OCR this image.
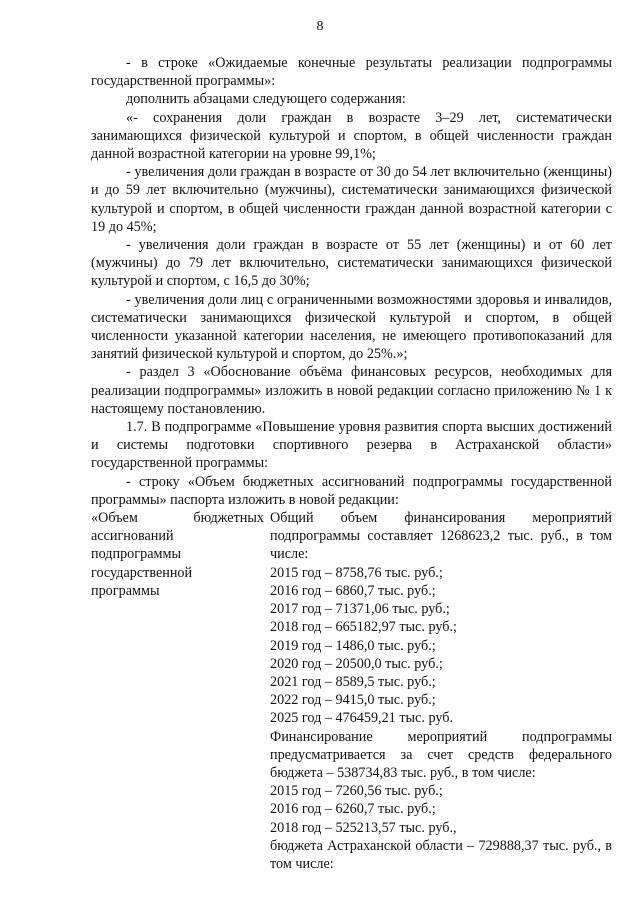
8

- в строке «Ожидаемые конечные результаты реализации подпрограммы государственной программы»:

дополнить абзацами следующего содержания:

«- сохранения доли граждан в возрасте 3–29 лет, систематически занимающихся физической культурой и спортом, в общей численности граждан данной возрастной категории на уровне 99,1%;

- увеличения доли граждан в возрасте от 30 до 54 лет включительно (женщины) и до 59 лет включительно (мужчины), систематически занимающихся физической культурой и спортом, в общей численности граждан данной возрастной категории с 19 до 45%;

- увеличения доли граждан в возрасте от 55 лет (женщины) и от 60 лет (мужчины) до 79 лет включительно, систематически занимающихся физической культурой и спортом, с 16,5 до 30%;

- увеличения доли лиц с ограниченными возможностями здоровья и инвалидов, систематически занимающихся физической культурой и спортом, в общей численности указанной категории населения, не имеющего противопоказаний для занятий физической культурой и спортом, до 25%.»;

- раздел 3 «Обоснование объёма финансовых ресурсов, необходимых для реализации подпрограммы» изложить в новой редакции согласно приложению № 1 к настоящему постановлению.

1.7. В подпрограмме «Повышение уровня развития спорта высших достижений и системы подготовки спортивного резерва в Астраханской области» государственной программы:

- строку «Объем бюджетных ассигнований подпрограммы государственной программы» паспорта изложить в новой редакции:

«Объем бюджетных ассигнований подпрограммы государственной программы

Общий объем финансирования мероприятий подпрограммы составляет 1268623,2 тыс. руб., в том числе:

2015 год – 8758,76 тыс. руб.;
2016 год – 6860,7 тыс. руб.;
2017 год – 71371,06 тыс. руб.;
2018 год – 665182,97 тыс. руб.;
2019 год – 1486,0 тыс. руб.;
2020 год – 20500,0 тыс. руб.;
2021 год – 8589,5 тыс. руб.;
2022 год – 9415,0 тыс. руб.;
2025 год – 476459,21 тыс. руб.

Финансирование мероприятий подпрограммы предусматривается за счет средств федерального бюджета – 538734,83 тыс. руб., в том числе:

2015 год – 7260,56 тыс. руб.;
2016 год – 6260,7 тыс. руб.;
2018 год – 525213,57 тыс. руб.,

бюджета Астраханской области – 729888,37 тыс. руб., в том числе:
